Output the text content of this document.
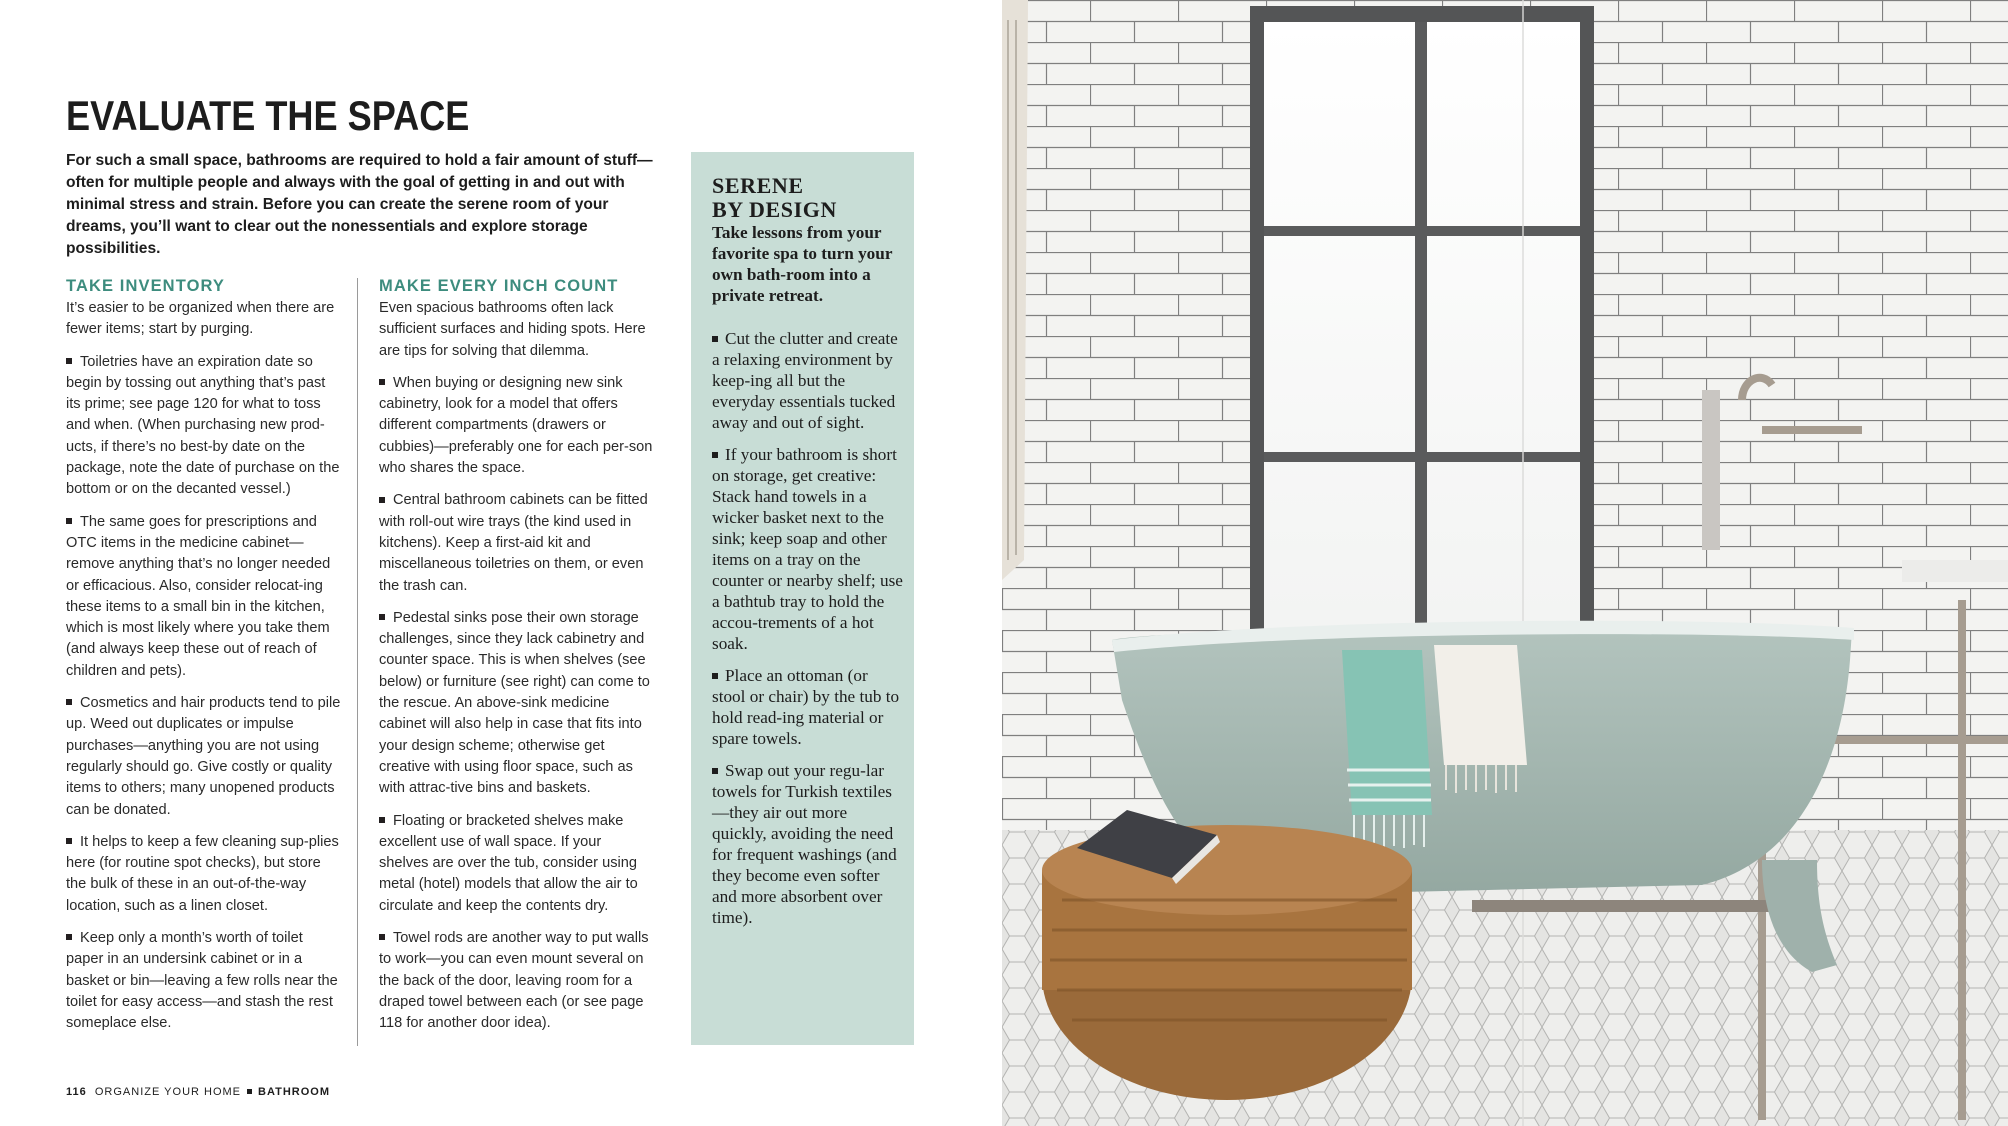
EVALUATE THE SPACE
For such a small space, bathrooms are required to hold a fair amount of stuff—often for multiple people and always with the goal of getting in and out with minimal stress and strain. Before you can create the serene room of your dreams, you’ll want to clear out the nonessentials and explore storage possibilities.
TAKE INVENTORY

It’s easier to be organized when there are fewer items; start by purging.

Toiletries have an expiration date so begin by tossing out anything that’s past its prime; see page 120 for what to toss and when. (When purchasing new prod-ucts, if there’s no best-by date on the package, note the date of purchase on the bottom or on the decanted vessel.)
The same goes for prescriptions and OTC items in the medicine cabinet—remove anything that’s no longer needed or efficacious. Also, consider relocat-ing these items to a small bin in the kitchen, which is most likely where you take them (and always keep these out of reach of children and pets).
Cosmetics and hair products tend to pile up. Weed out duplicates or impulse purchases—anything you are not using regularly should go. Give costly or quality items to others; many unopened products can be donated.
It helps to keep a few cleaning sup-plies here (for routine spot checks), but store the bulk of these in an out-of-the-way location, such as a linen closet.
Keep only a month’s worth of toilet paper in an undersink cabinet or in a basket or bin—leaving a few rolls near the toilet for easy access—and stash the rest someplace else.
MAKE EVERY INCH COUNT

Even spacious bathrooms often lack sufficient surfaces and hiding spots. Here are tips for solving that dilemma.

When buying or designing new sink cabinetry, look for a model that offers different compartments (drawers or cubbies)—preferably one for each per-son who shares the space.
Central bathroom cabinets can be fitted with roll-out wire trays (the kind used in kitchens). Keep a first-aid kit and miscellaneous toiletries on them, or even the trash can.
Pedestal sinks pose their own storage challenges, since they lack cabinetry and counter space. This is when shelves (see below) or furniture (see right) can come to the rescue. An above-sink medicine cabinet will also help in case that fits into your design scheme; otherwise get creative with using floor space, such as with attrac-tive bins and baskets.
Floating or bracketed shelves make excellent use of wall space. If your shelves are over the tub, consider using metal (hotel) models that allow the air to circulate and keep the contents dry.
Towel rods are another way to put walls to work—you can even mount several on the back of the door, leaving room for a draped towel between each (or see page 118 for another door idea).
SERENE
BY DESIGN
Take lessons from your favorite spa to turn your own bath-room into a private retreat.
Cut the clutter and create a relaxing environment by keep-ing all but the everyday essentials tucked away and out of sight.
If your bathroom is short on storage, get creative: Stack hand towels in a wicker basket next to the sink; keep soap and other items on a tray on the counter or nearby shelf; use a bathtub tray to hold the accou-trements of a hot soak.
Place an ottoman (or stool or chair) by the tub to hold read-ing material or spare towels.
Swap out your regu-lar towels for Turkish textiles—they air out more quickly, avoiding the need for frequent washings (and they become even softer and more absorbent over time).
116 ORGANIZE YOUR HOME BATHROOM
